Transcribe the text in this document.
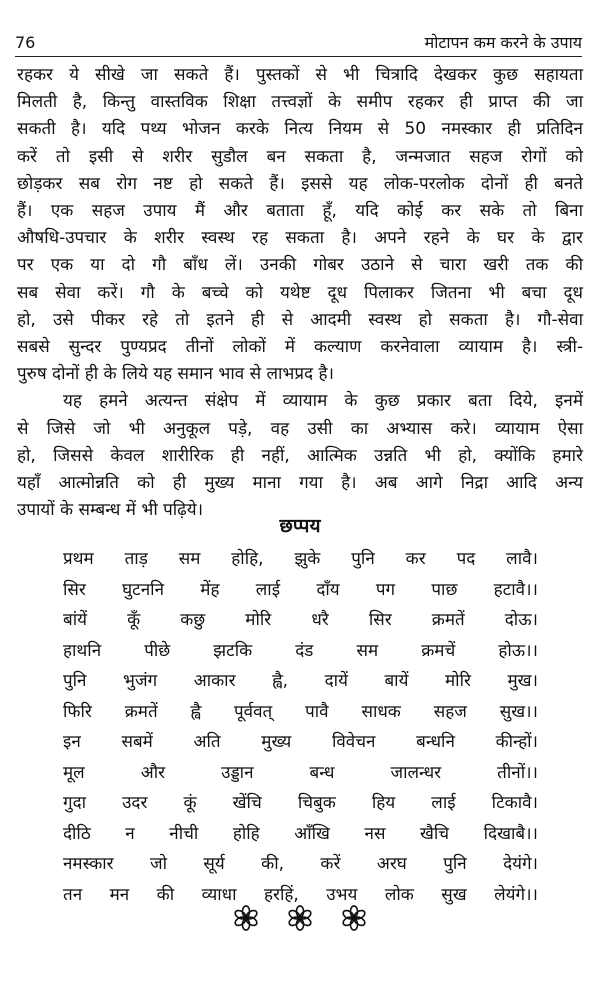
76	मोटापन कम करने के उपाय

रहकर ये सीखे जा सकते हैं। पुस्तकों से भी चित्रादि देखकर कुछ सहायता
मिलती है, किन्तु वास्तविक शिक्षा तत्त्वज्ञों के समीप रहकर ही प्राप्त की जा
सकती है। यदि पथ्य भोजन करके नित्य नियम से 50 नमस्कार ही प्रतिदिन
करें तो इसी से शरीर सुडौल बन सकता है, जन्मजात सहज रोगों को
छोड़कर सब रोग नष्ट हो सकते हैं। इससे यह लोक-परलोक दोनों ही बनते
हैं। एक सहज उपाय मैं और बताता हूँ, यदि कोई कर सके तो बिना
औषधि-उपचार के शरीर स्वस्थ रह सकता है। अपने रहने के घर के द्वार
पर एक या दो गौ बाँध लें। उनकी गोबर उठाने से चारा खरी तक की
सब सेवा करें। गौ के बच्चे को यथेष्ट दूध पिलाकर जितना भी बचा दूध
हो, उसे पीकर रहे तो इतने ही से आदमी स्वस्थ हो सकता है। गौ-सेवा
सबसे सुन्दर पुण्यप्रद तीनों लोकों में कल्याण करनेवाला व्यायाम है। स्त्री-
पुरुष दोनों ही के लिये यह समान भाव से लाभप्रद है।

यह हमने अत्यन्त संक्षेप में व्यायाम के कुछ प्रकार बता दिये, इनमें
से जिसे जो भी अनुकूल पड़े, वह उसी का अभ्यास करे। व्यायाम ऐसा
हो, जिससे केवल शारीरिक ही नहीं, आत्मिक उन्नति भी हो, क्योंकि हमारे
यहाँ आत्मोन्नति को ही मुख्य माना गया है। अब आगे निद्रा आदि अन्य
उपायों के सम्बन्ध में भी पढ़िये।

छप्पय
प्रथम ताड़ सम होहि, झुके पुनि कर पद लावै।
सिर घुटननि मेंह लाई दाँय पग पाछ हटावै।।
बांयें कूँ कछु मोरि धरै सिर क्रमतें दोऊ।
हाथनि पीछे झटकि दंड सम क्रमचें होऊ।।
पुनि भुजंग आकार ह्वै, दायें बायें मोरि मुख।
फिरि क्रमतें ह्वै पूर्ववत् पावै साधक सहज सुख।।
इन सबमें अति मुख्य विवेचन बन्धनि कीन्हों।
मूल और उड्डान बन्ध जालन्धर तीनों।।
गुदा उदर कूं खेंचि चिबुक हिय लाई टिकावै।
दीठि न नीची होहि आँखि नस खैचि दिखाबै।।
नमस्कार जो सूर्य की, करें अरघ पुनि देयंगे।
तन मन की व्याधा हरहिं, उभय लोक सुख लेयंगे।।
